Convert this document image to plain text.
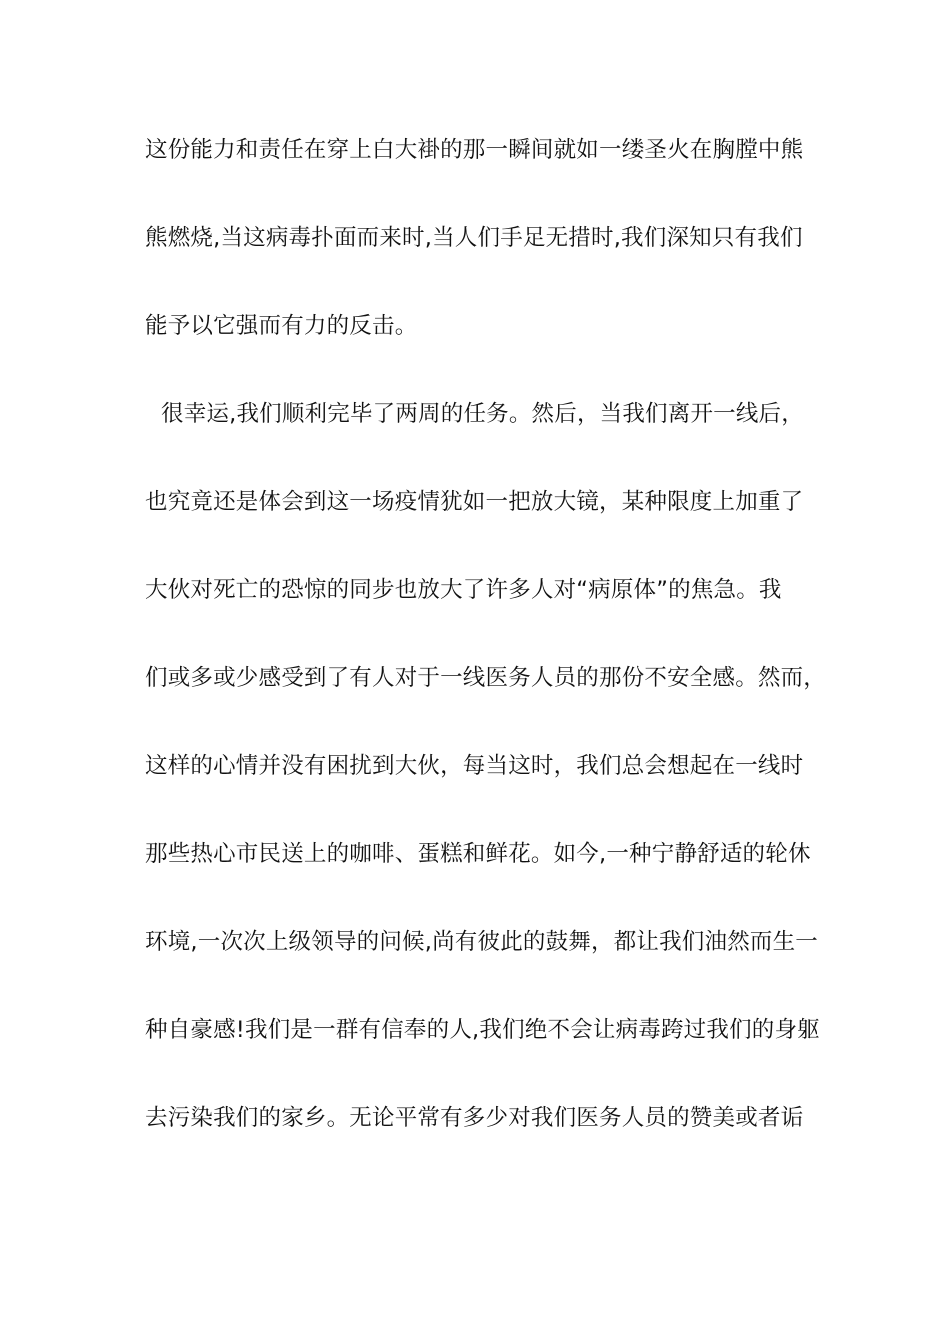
这份能力和责任在穿上白大褂的那一瞬间就如一缕圣火在胸膛中熊
熊燃烧,当这病毒扑面而来时,当人们手足无措时,我们深知只有我们
能予以它强而有力的反击。
很幸运,我们顺利完毕了两周的任务。然后，当我们离开一线后，
也究竟还是体会到这一场疫情犹如一把放大镜，某种限度上加重了
大伙对死亡的恐惊的同步也放大了许多人对“病原体”的焦急。我
们或多或少感受到了有人对于一线医务人员的那份不安全感。然而，
这样的心情并没有困扰到大伙，每当这时，我们总会想起在一线时
那些热心市民送上的咖啡、蛋糕和鲜花。如今,一种宁静舒适的轮休
环境,一次次上级领导的问候,尚有彼此的鼓舞，都让我们油然而生一
种自豪感!我们是一群有信奉的人,我们绝不会让病毒跨过我们的身躯
去污染我们的家乡。无论平常有多少对我们医务人员的赞美或者诟
